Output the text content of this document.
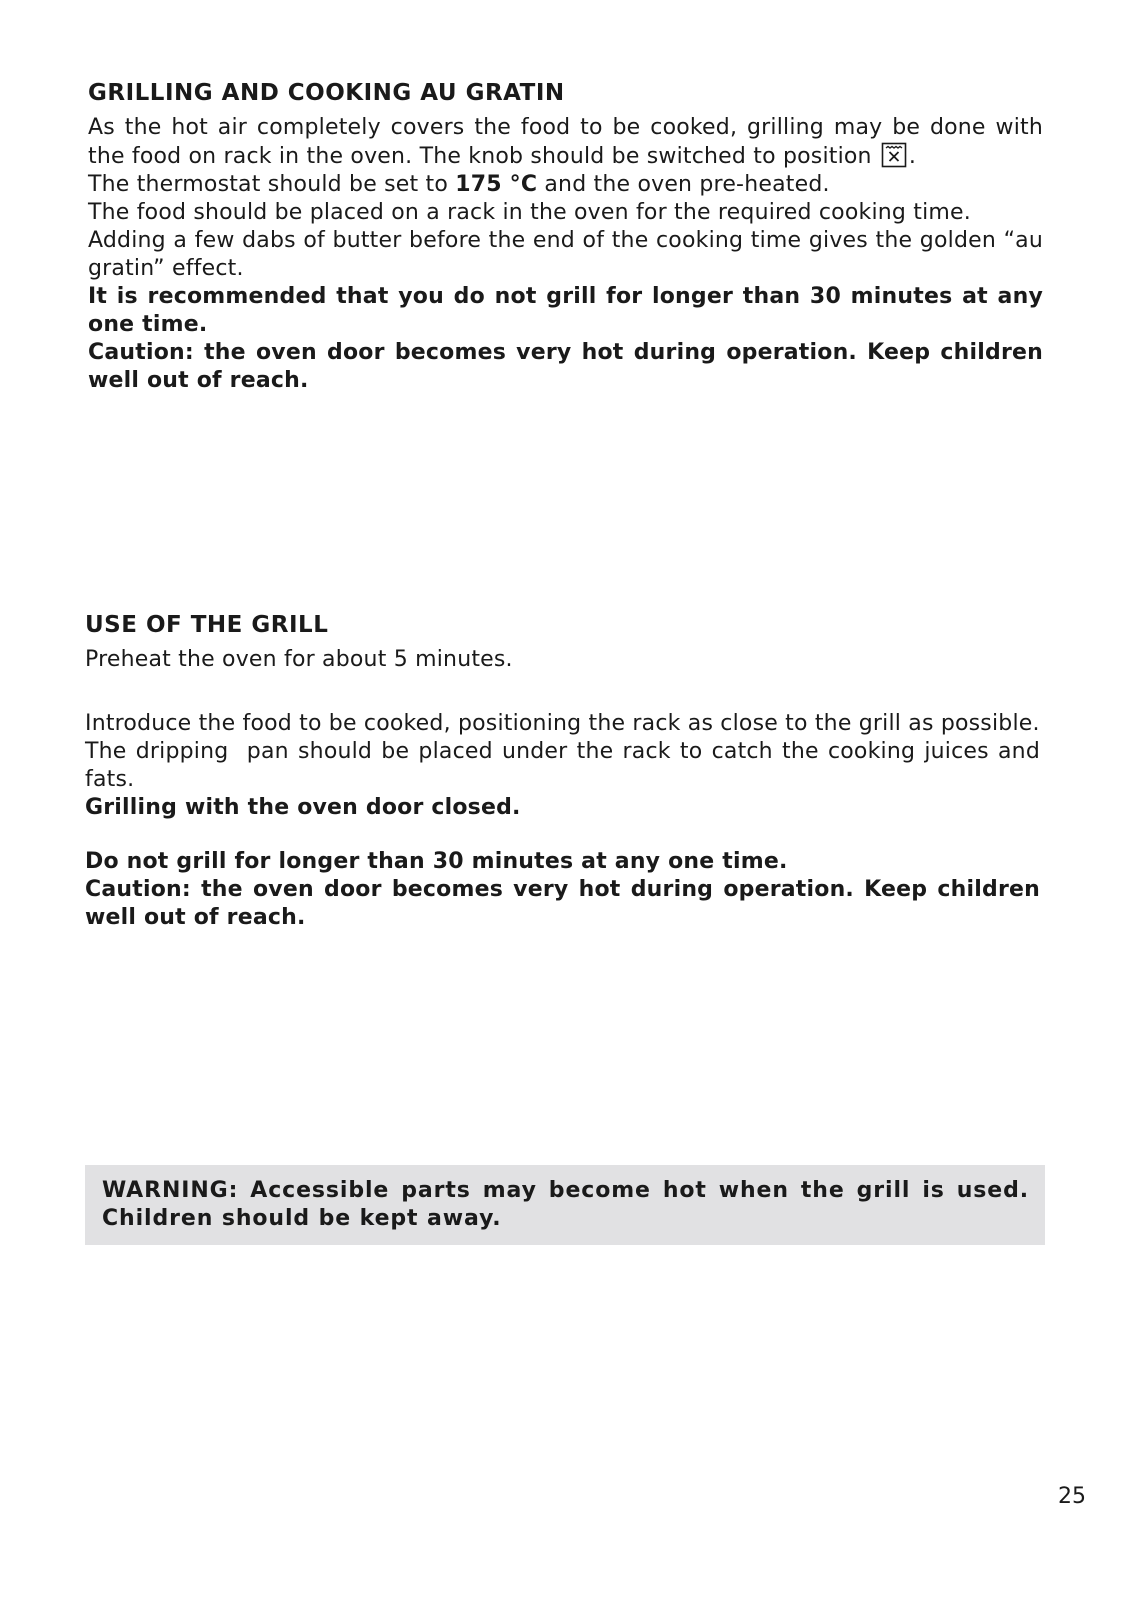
GRILLING AND COOKING AU GRATIN

As the hot air completely covers the food to be cooked, grilling may be done with the food on rack in the oven. The knob should be switched to position .

The thermostat should be set to 175 °C and the oven pre-heated.

The food should be placed on a rack in the oven for the required cooking time.

Adding a few dabs of butter before the end of the cooking time gives the golden “au gratin” effect.

It is recommended that you do not grill for longer than 30 minutes at any one time.

Caution: the oven door becomes very hot during operation. Keep children well out of reach.

USE OF THE GRILL

Preheat the oven for about 5 minutes.

Introduce the food to be cooked, positioning the rack as close to the grill as possible.

The dripping  pan should be placed under the rack to catch the cooking juices and fats.

Grilling with the oven door closed.

Do not grill for longer than 30 minutes at any one time.

Caution: the oven door becomes very hot during operation. Keep children well out of reach.

WARNING: Accessible parts may become hot when the grill is used. Children should be kept away.

25
